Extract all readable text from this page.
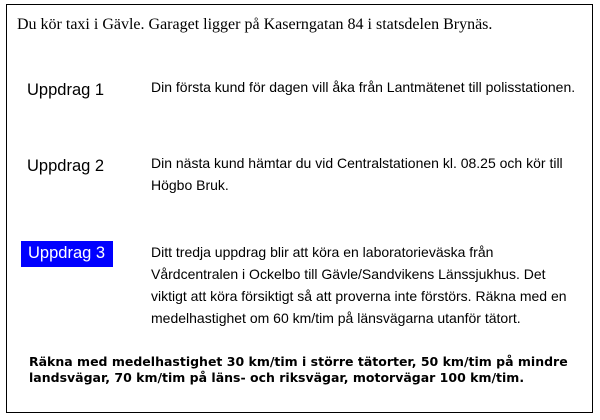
Du kör taxi i Gävle. Garaget ligger på Kaserngatan 84 i statsdelen Brynäs.
Uppdrag 1	Din första kund för dagen vill åka från Lantmätenet till polisstationen.
Uppdrag 2	Din nästa kund hämtar du vid Centralstationen kl. 08.25 och kör till Högbo Bruk.
Uppdrag 3	Ditt tredja uppdrag blir att köra en laboratorieväska från Vårdcentralen i Ockelbo till Gävle/Sandvikens Länssjukhus. Det viktigt att köra försiktigt så att proverna inte förstörs. Räkna med en medelhastighet om 60 km/tim på länsvägarna utanför tätort.
Räkna med medelhastighet 30 km/tim i större tätorter, 50 km/tim på mindre landsvägar, 70 km/tim på läns- och riksvägar, motorvägar 100 km/tim.
